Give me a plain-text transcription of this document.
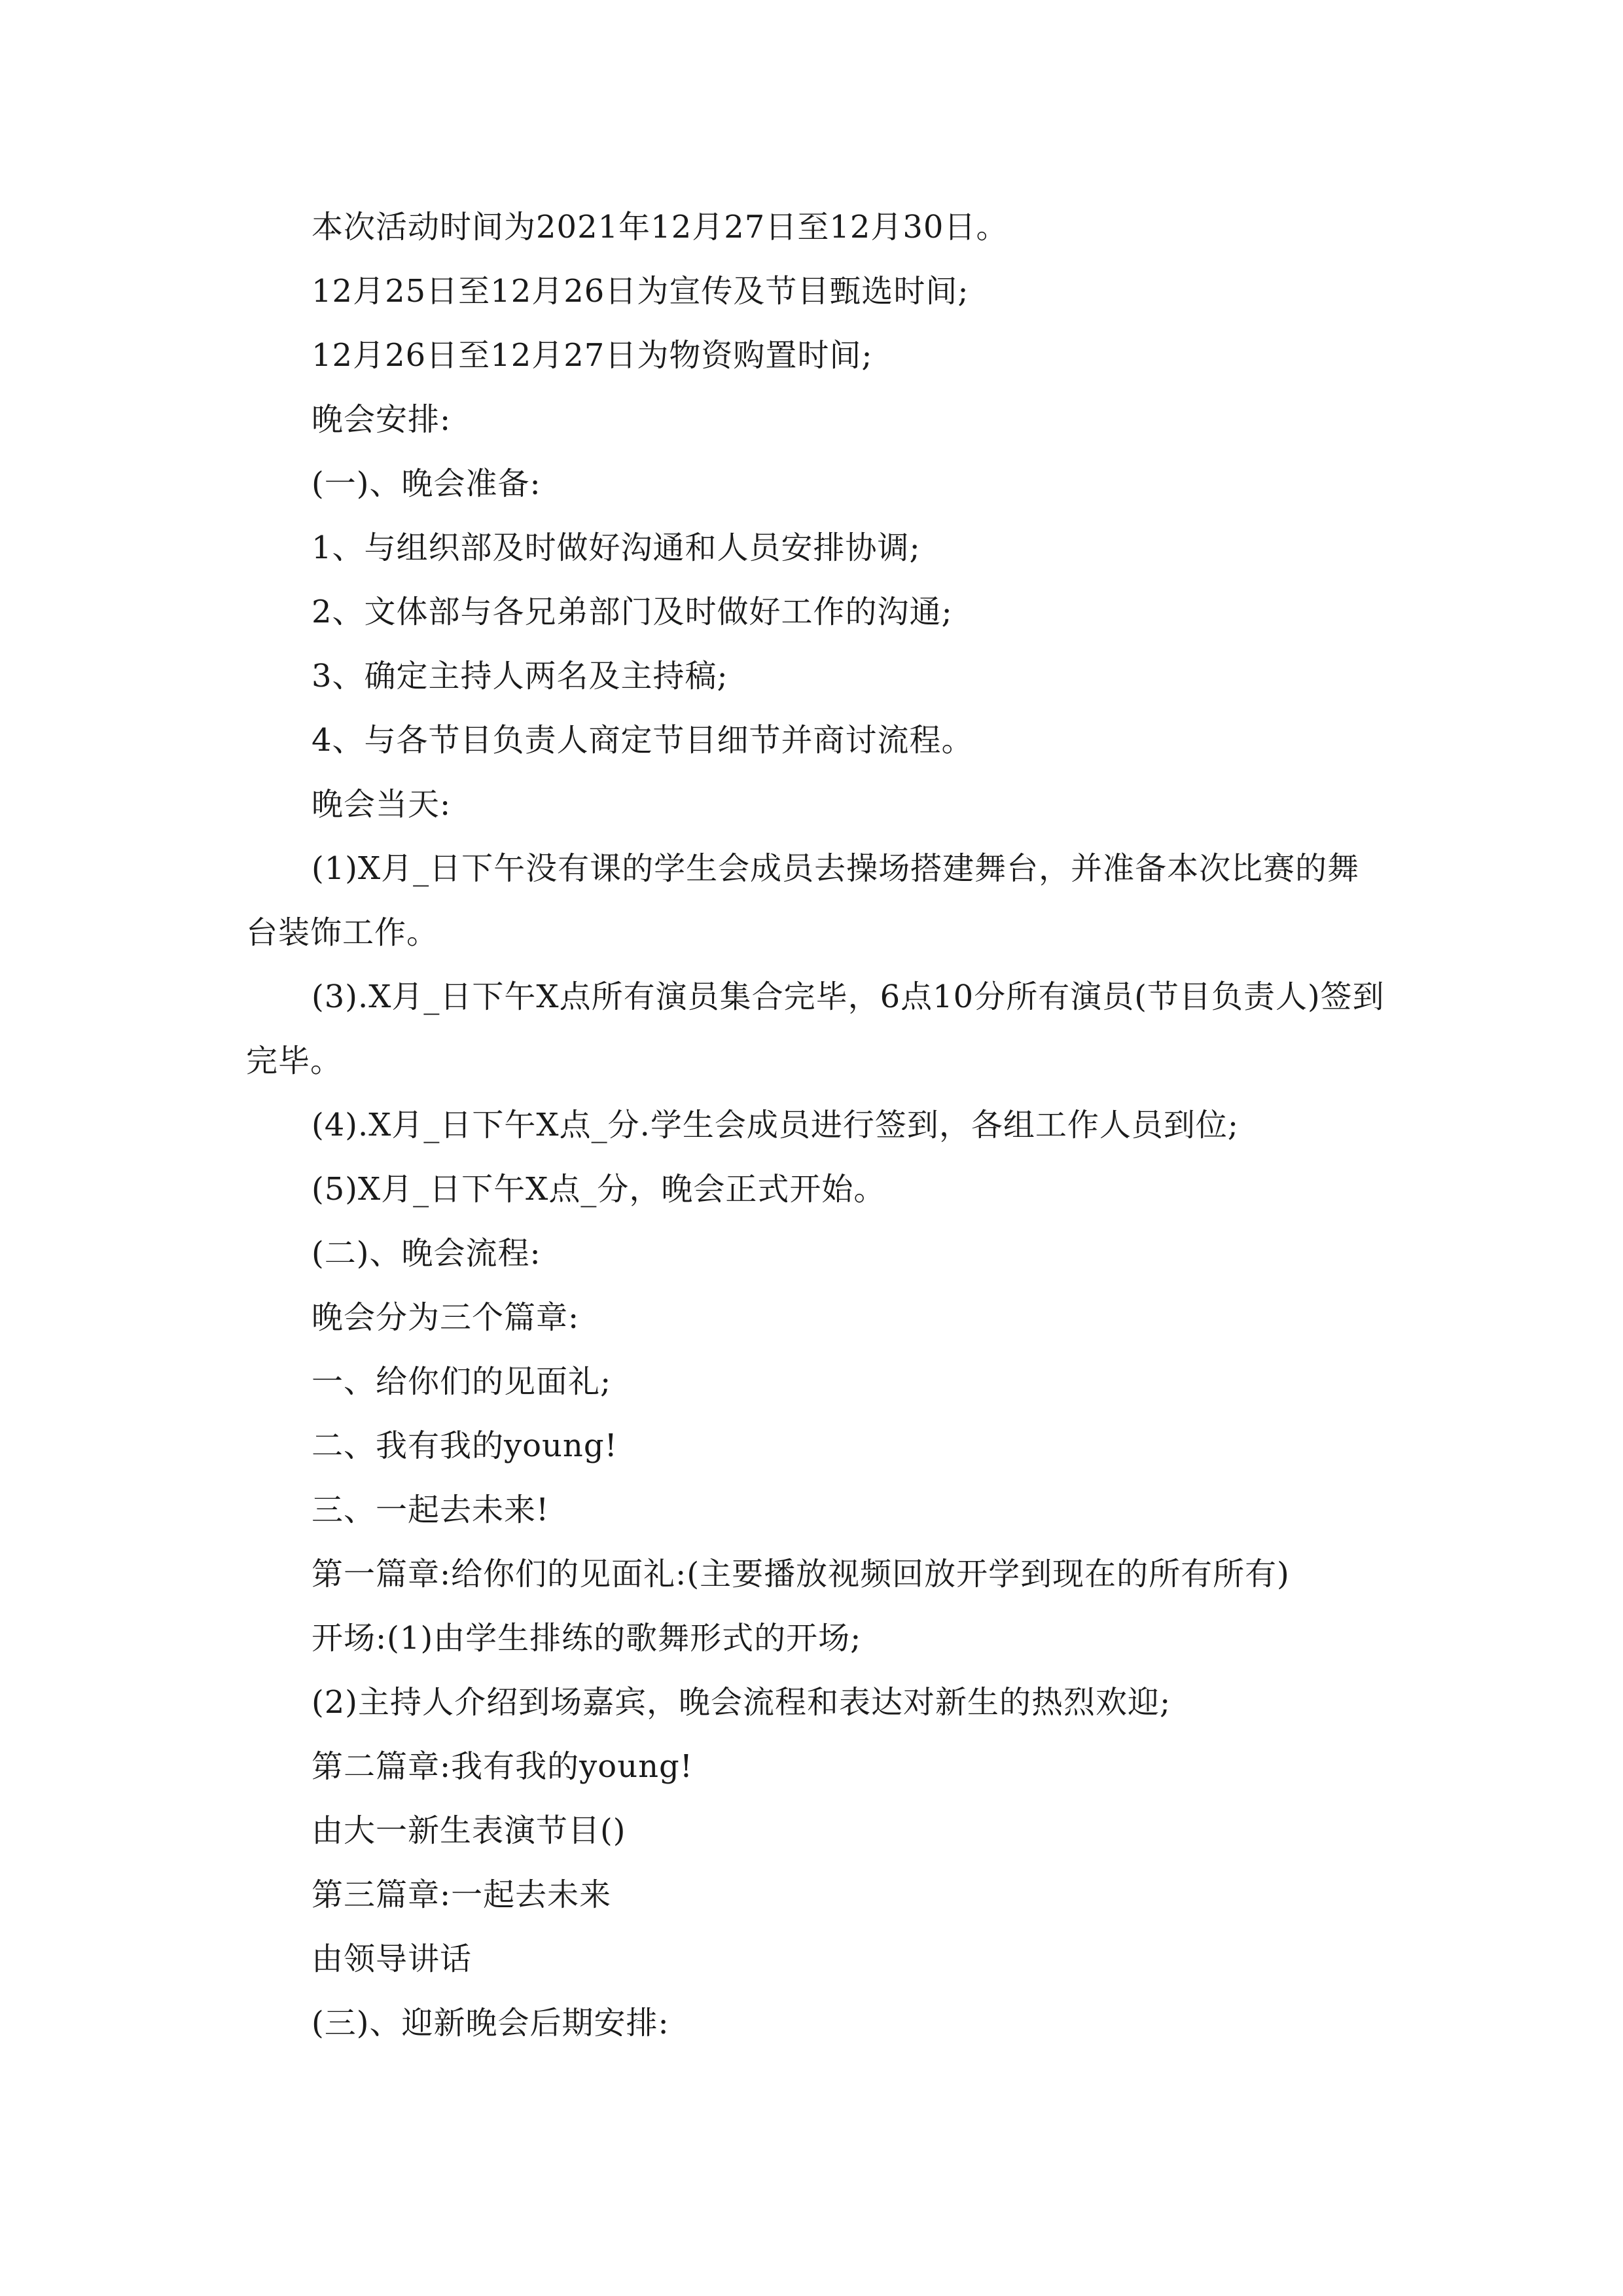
本次活动时间为2021年12月27日至12月30日。

12月25日至12月26日为宣传及节目甄选时间;

12月26日至12月27日为物资购置时间;

晚会安排:

(一)、晚会准备:

1、与组织部及时做好沟通和人员安排协调;

2、文体部与各兄弟部门及时做好工作的沟通;

3、确定主持人两名及主持稿;

4、与各节目负责人商定节目细节并商讨流程。

晚会当天:

(1)X月_日下午没有课的学生会成员去操场搭建舞台，并准备本次比赛的舞台装饰工作。

(3).X月_日下午X点所有演员集合完毕，6点10分所有演员(节目负责人)签到完毕。

(4).X月_日下午X点_分.学生会成员进行签到，各组工作人员到位;

(5)X月_日下午X点_分，晚会正式开始。

(二)、晚会流程:

晚会分为三个篇章:

一、给你们的见面礼;

二、我有我的young!

三、一起去未来!

第一篇章:给你们的见面礼:(主要播放视频回放开学到现在的所有所有)

开场:(1)由学生排练的歌舞形式的开场;

(2)主持人介绍到场嘉宾，晚会流程和表达对新生的热烈欢迎;

第二篇章:我有我的young!

由大一新生表演节目()

第三篇章:一起去未来

由领导讲话

(三)、迎新晚会后期安排:
